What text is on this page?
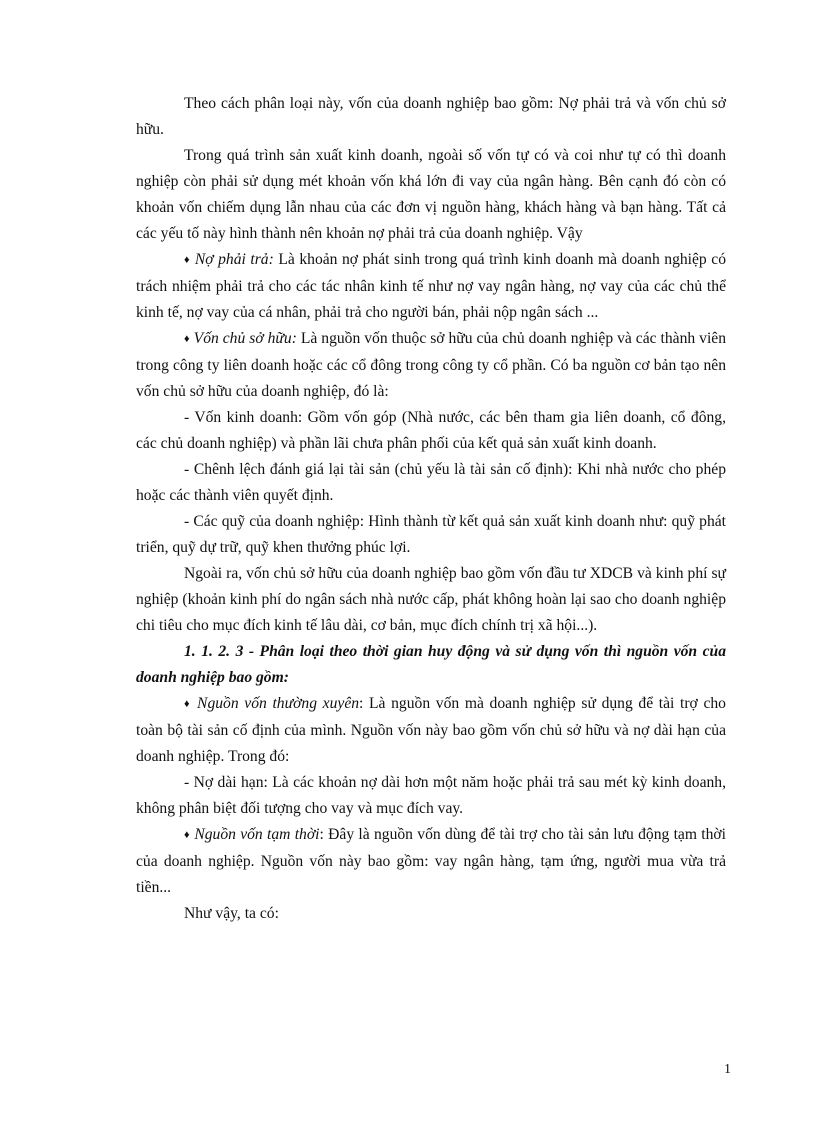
Theo cách phân loại này, vốn của doanh nghiệp bao gồm: Nợ phải trả và vốn chủ sở hữu.

Trong quá trình sản xuất kinh doanh, ngoài số vốn tự có và coi như tự có thì doanh nghiệp còn phải sử dụng mét khoản vốn khá lớn đi vay của ngân hàng. Bên cạnh đó còn có khoản vốn chiếm dụng lẫn nhau của các đơn vị nguồn hàng, khách hàng và bạn hàng. Tất cả các yếu tố này hình thành nên khoản nợ phải trả của doanh nghiệp. Vậy

♦ Nợ phải trả: Là khoản nợ phát sinh trong quá trình kinh doanh mà doanh nghiệp có trách nhiệm phải trả cho các tác nhân kinh tế như nợ vay ngân hàng, nợ vay của các chủ thể kinh tế, nợ vay của cá nhân, phải trả cho người bán, phải nộp ngân sách ...

♦ Vốn chủ sở hữu: Là nguồn vốn thuộc sở hữu của chủ doanh nghiệp và các thành viên trong công ty liên doanh hoặc các cổ đông trong công ty cổ phần. Có ba nguồn cơ bản tạo nên vốn chủ sở hữu của doanh nghiệp, đó là:

- Vốn kinh doanh: Gồm vốn góp (Nhà nước, các bên tham gia liên doanh, cổ đông, các chủ doanh nghiệp) và phần lãi chưa phân phối của kết quả sản xuất kinh doanh.

- Chênh lệch đánh giá lại tài sản (chủ yếu là tài sản cố định): Khi nhà nước cho phép hoặc các thành viên quyết định.

- Các quỹ của doanh nghiệp: Hình thành từ kết quả sản xuất kinh doanh như: quỹ phát triển, quỹ dự trữ, quỹ khen thưởng phúc lợi.

Ngoài ra, vốn chủ sở hữu của doanh nghiệp bao gồm vốn đầu tư XDCB và kinh phí sự nghiệp (khoản kinh phí do ngân sách nhà nước cấp, phát không hoàn lại sao cho doanh nghiệp chi tiêu cho mục đích kinh tế lâu dài, cơ bản, mục đích chính trị xã hội...).

1. 1. 2. 3 - Phân loại theo thời gian huy động và sử dụng vốn thì nguồn vốn của doanh nghiệp bao gồm:

♦ Nguồn vốn thường xuyên: Là nguồn vốn mà doanh nghiệp sử dụng để tài trợ cho toàn bộ tài sản cố định của mình. Nguồn vốn này bao gồm vốn chủ sở hữu và nợ dài hạn của doanh nghiệp. Trong đó:

- Nợ dài hạn: Là các khoản nợ dài hơn một năm hoặc phải trả sau mét kỳ kinh doanh, không phân biệt đối tượng cho vay và mục đích vay.

♦ Nguồn vốn tạm thời: Đây là nguồn vốn dùng để tài trợ cho tài sản lưu động tạm thời của doanh nghiệp. Nguồn vốn này bao gồm: vay ngân hàng, tạm ứng, người mua vừa trả tiền...

Như vậy, ta có:

1
